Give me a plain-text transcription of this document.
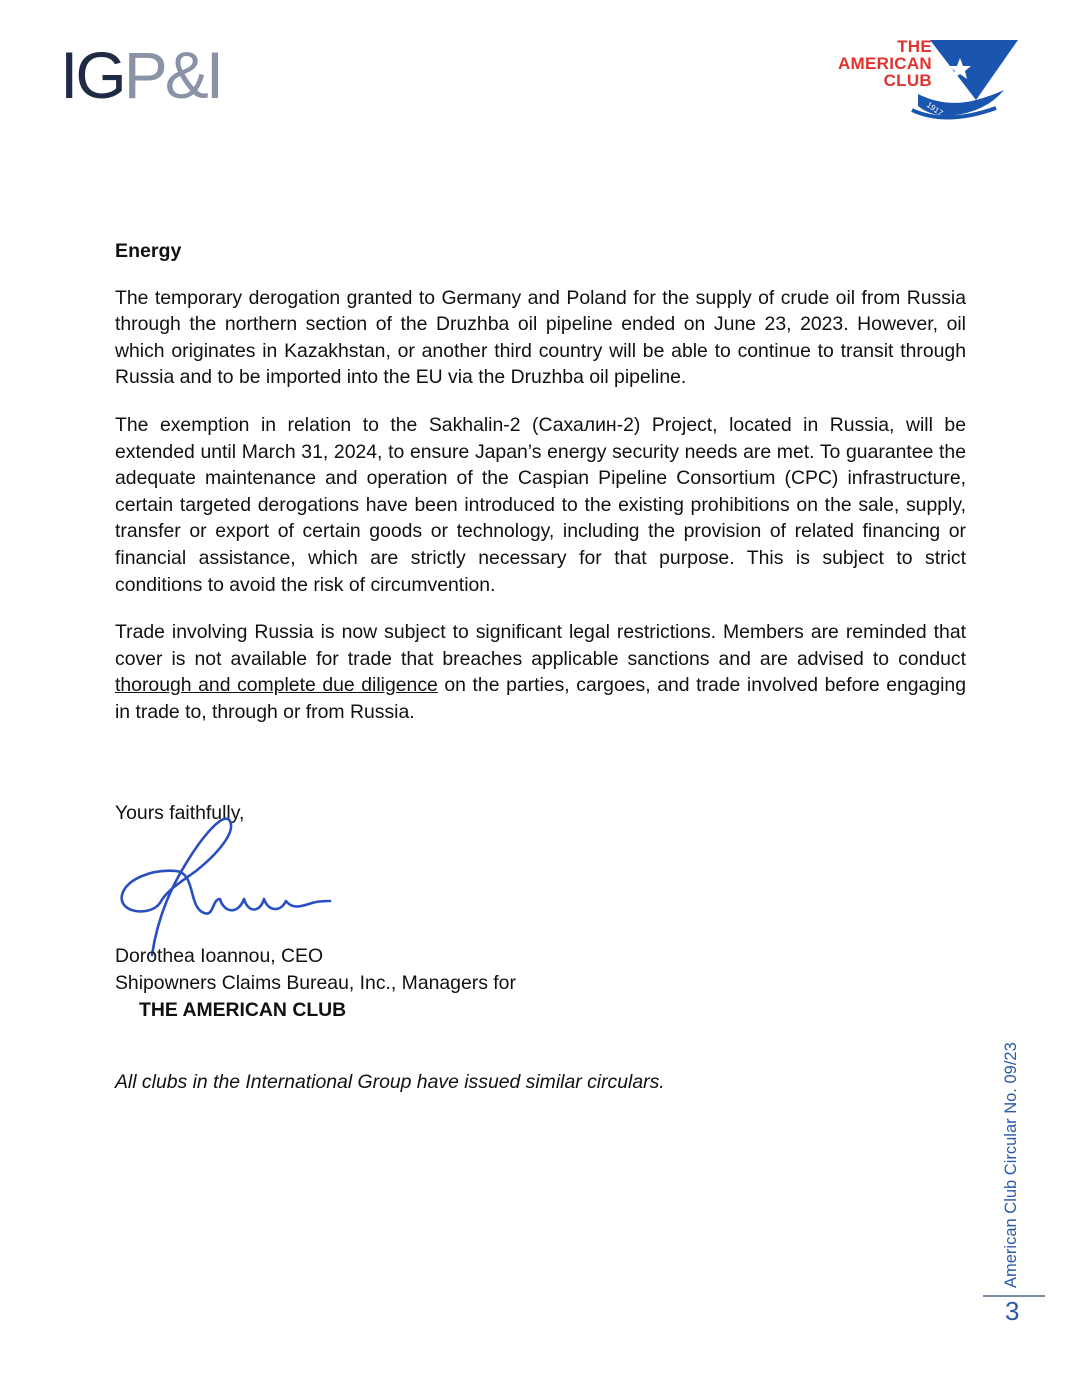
IGP&I	1917
THE
AMERICAN
CLUB
Energy

The temporary derogation granted to Germany and Poland for the supply of crude oil from Russia through the northern section of the Druzhba oil pipeline ended on June 23, 2023. However, oil which originates in Kazakhstan, or another third country will be able to continue to transit through Russia and to be imported into the EU via the Druzhba oil pipeline.

The exemption in relation to the Sakhalin-2 (Сахалин-2) Project, located in Russia, will be extended until March 31, 2024, to ensure Japan’s energy security needs are met. To guarantee the adequate maintenance and operation of the Caspian Pipeline Consortium (CPC) infrastructure, certain targeted derogations have been introduced to the existing prohibitions on the sale, supply, transfer or export of certain goods or technology, including the provision of related financing or financial assistance, which are strictly necessary for that purpose. This is subject to strict conditions to avoid the risk of circumvention.

Trade involving Russia is now subject to significant legal restrictions. Members are reminded that cover is not available for trade that breaches applicable sanctions and are advised to conduct thorough and complete due diligence on the parties, cargoes, and trade involved before engaging in trade to, through or from Russia.

Yours faithfully,
Dorothea Ioannou, CEO
Shipowners Claims Bureau, Inc., Managers for
THE AMERICAN CLUB
All clubs in the International Group have issued similar circulars.	American Club Circular No. 09/23
3
